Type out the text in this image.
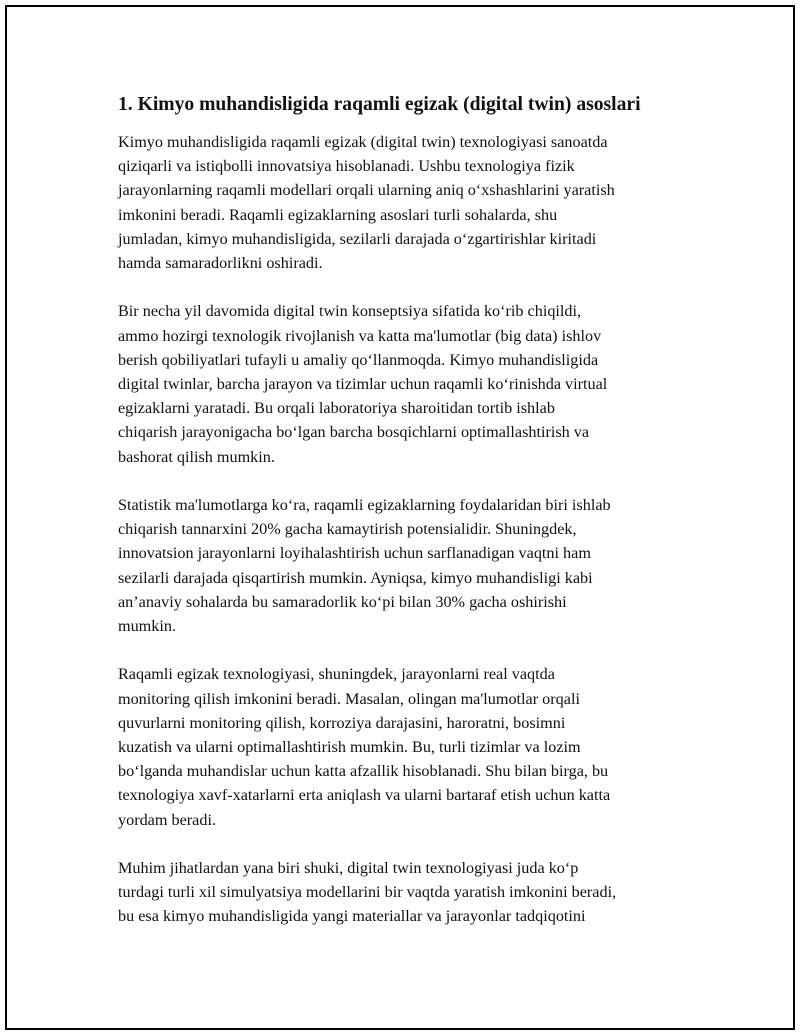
1. Kimyo muhandisligida raqamli egizak (digital twin) asoslari

Kimyo muhandisligida raqamli egizak (digital twin) texnologiyasi sanoatda
qiziqarli va istiqbolli innovatsiya hisoblanadi. Ushbu texnologiya fizik
jarayonlarning raqamli modellari orqali ularning aniq o‘xshashlarini yaratish
imkonini beradi. Raqamli egizaklarning asoslari turli sohalarda, shu
jumladan, kimyo muhandisligida, sezilarli darajada o‘zgartirishlar kiritadi
hamda samaradorlikni oshiradi.

Bir necha yil davomida digital twin konseptsiya sifatida ko‘rib chiqildi,
ammo hozirgi texnologik rivojlanish va katta ma'lumotlar (big data) ishlov
berish qobiliyatlari tufayli u amaliy qo‘llanmoqda. Kimyo muhandisligida
digital twinlar, barcha jarayon va tizimlar uchun raqamli ko‘rinishda virtual
egizaklarni yaratadi. Bu orqali laboratoriya sharoitidan tortib ishlab
chiqarish jarayonigacha bo‘lgan barcha bosqichlarni optimallashtirish va
bashorat qilish mumkin.

Statistik ma'lumotlarga ko‘ra, raqamli egizaklarning foydalaridan biri ishlab
chiqarish tannarxini 20% gacha kamaytirish potensialidir. Shuningdek,
innovatsion jarayonlarni loyihalashtirish uchun sarflanadigan vaqtni ham
sezilarli darajada qisqartirish mumkin. Ayniqsa, kimyo muhandisligi kabi
an’anaviy sohalarda bu samaradorlik ko‘pi bilan 30% gacha oshirishi
mumkin.

Raqamli egizak texnologiyasi, shuningdek, jarayonlarni real vaqtda
monitoring qilish imkonini beradi. Masalan, olingan ma'lumotlar orqali
quvurlarni monitoring qilish, korroziya darajasini, haroratni, bosimni
kuzatish va ularni optimallashtirish mumkin. Bu, turli tizimlar va lozim
bo‘lganda muhandislar uchun katta afzallik hisoblanadi. Shu bilan birga, bu
texnologiya xavf-xatarlarni erta aniqlash va ularni bartaraf etish uchun katta
yordam beradi.

Muhim jihatlardan yana biri shuki, digital twin texnologiyasi juda ko‘p
turdagi turli xil simulyatsiya modellarini bir vaqtda yaratish imkonini beradi,
bu esa kimyo muhandisligida yangi materiallar va jarayonlar tadqiqotini
